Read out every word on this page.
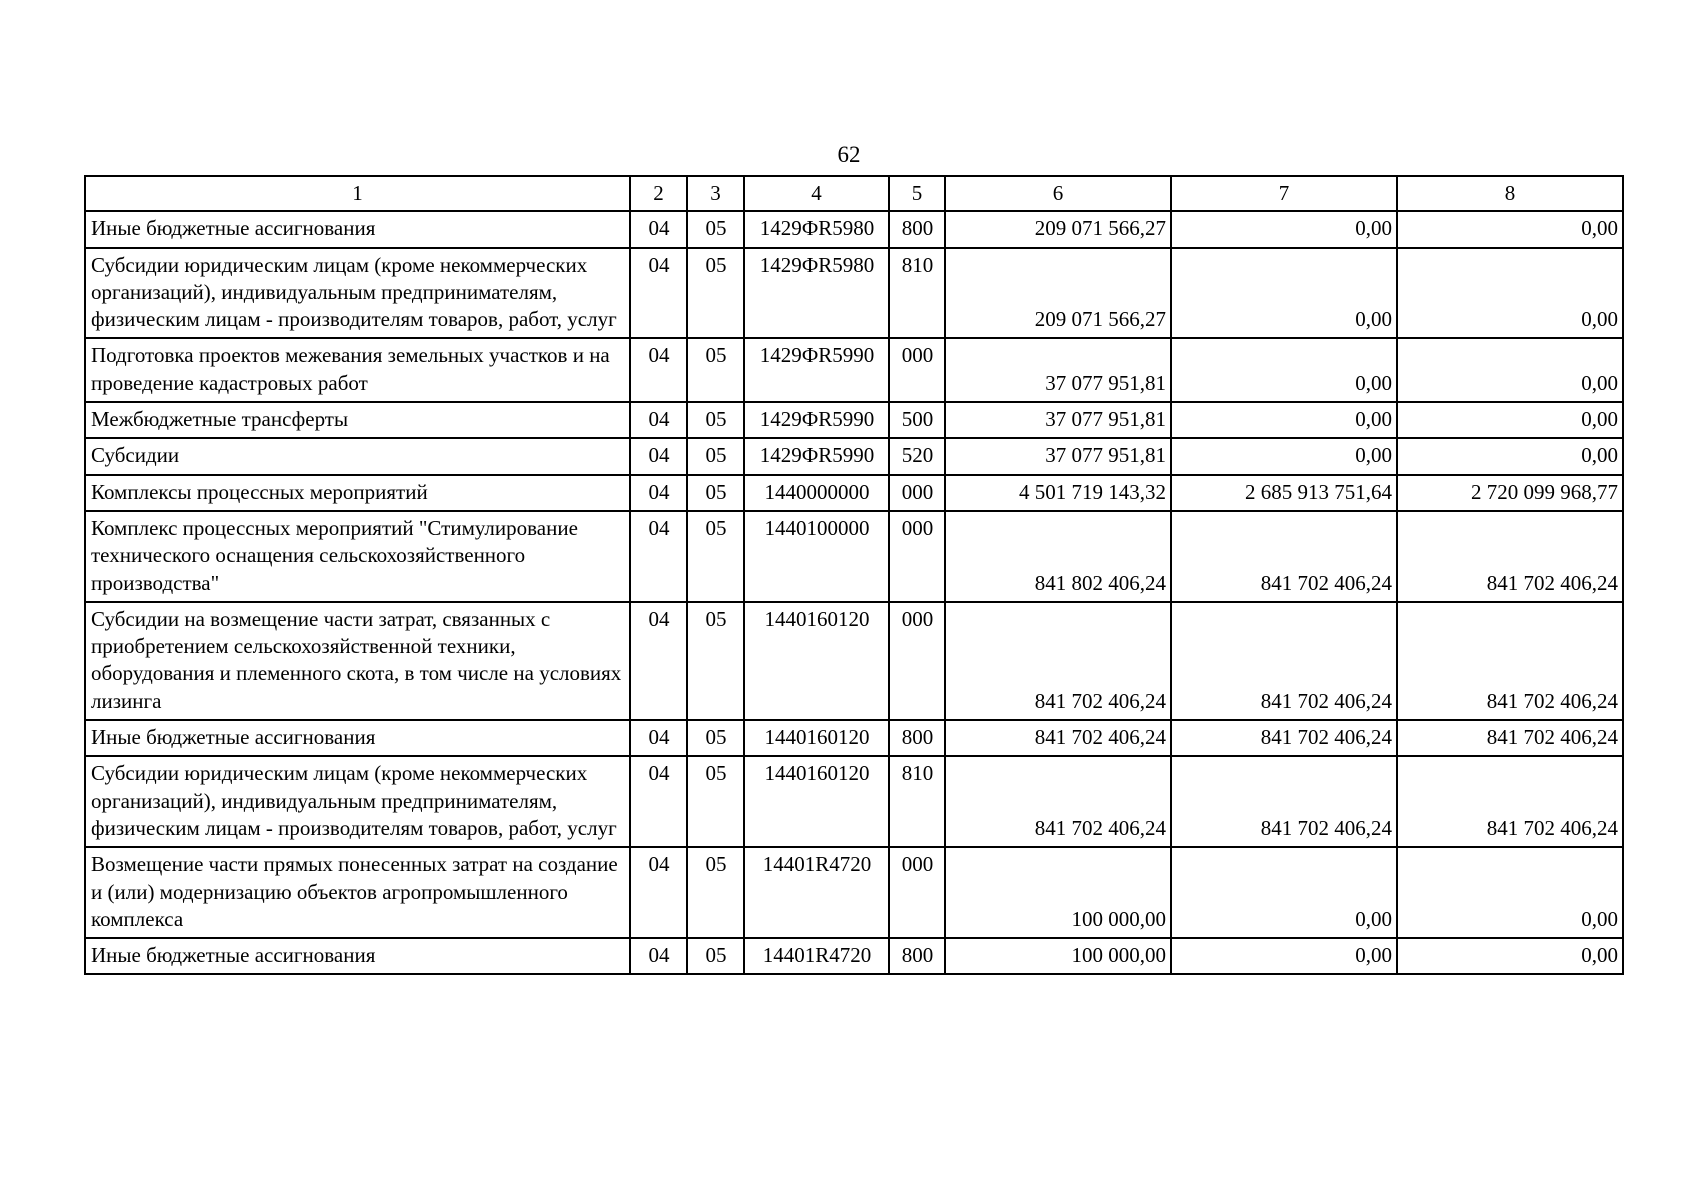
62
1	2	3	4	5	6	7	8
Иные бюджетные ассигнования	04	05	1429ФR5980	800	209 071 566,27	0,00	0,00
Субсидии юридическим лицам (кроме некоммерческих организаций), индивидуальным предпринимателям, физическим лицам - производителям товаров, работ, услуг	04	05	1429ФR5980	810	209 071 566,27	0,00	0,00
Подготовка проектов межевания земельных участков и на проведение кадастровых работ	04	05	1429ФR5990	000	37 077 951,81	0,00	0,00
Межбюджетные трансферты	04	05	1429ФR5990	500	37 077 951,81	0,00	0,00
Субсидии	04	05	1429ФR5990	520	37 077 951,81	0,00	0,00
Комплексы процессных мероприятий	04	05	1440000000	000	4 501 719 143,32	2 685 913 751,64	2 720 099 968,77
Комплекс процессных мероприятий "Стимулирование технического оснащения сельскохозяйственного производства"	04	05	1440100000	000	841 802 406,24	841 702 406,24	841 702 406,24
Субсидии на возмещение части затрат, связанных с приобретением сельскохозяйственной техники, оборудования и племенного скота, в том числе на условиях лизинга	04	05	1440160120	000	841 702 406,24	841 702 406,24	841 702 406,24
Иные бюджетные ассигнования	04	05	1440160120	800	841 702 406,24	841 702 406,24	841 702 406,24
Субсидии юридическим лицам (кроме некоммерческих организаций), индивидуальным предпринимателям, физическим лицам - производителям товаров, работ, услуг	04	05	1440160120	810	841 702 406,24	841 702 406,24	841 702 406,24
Возмещение части прямых понесенных затрат на создание и (или) модернизацию объектов агропромышленного комплекса	04	05	14401R4720	000	100 000,00	0,00	0,00
Иные бюджетные ассигнования	04	05	14401R4720	800	100 000,00	0,00	0,00
